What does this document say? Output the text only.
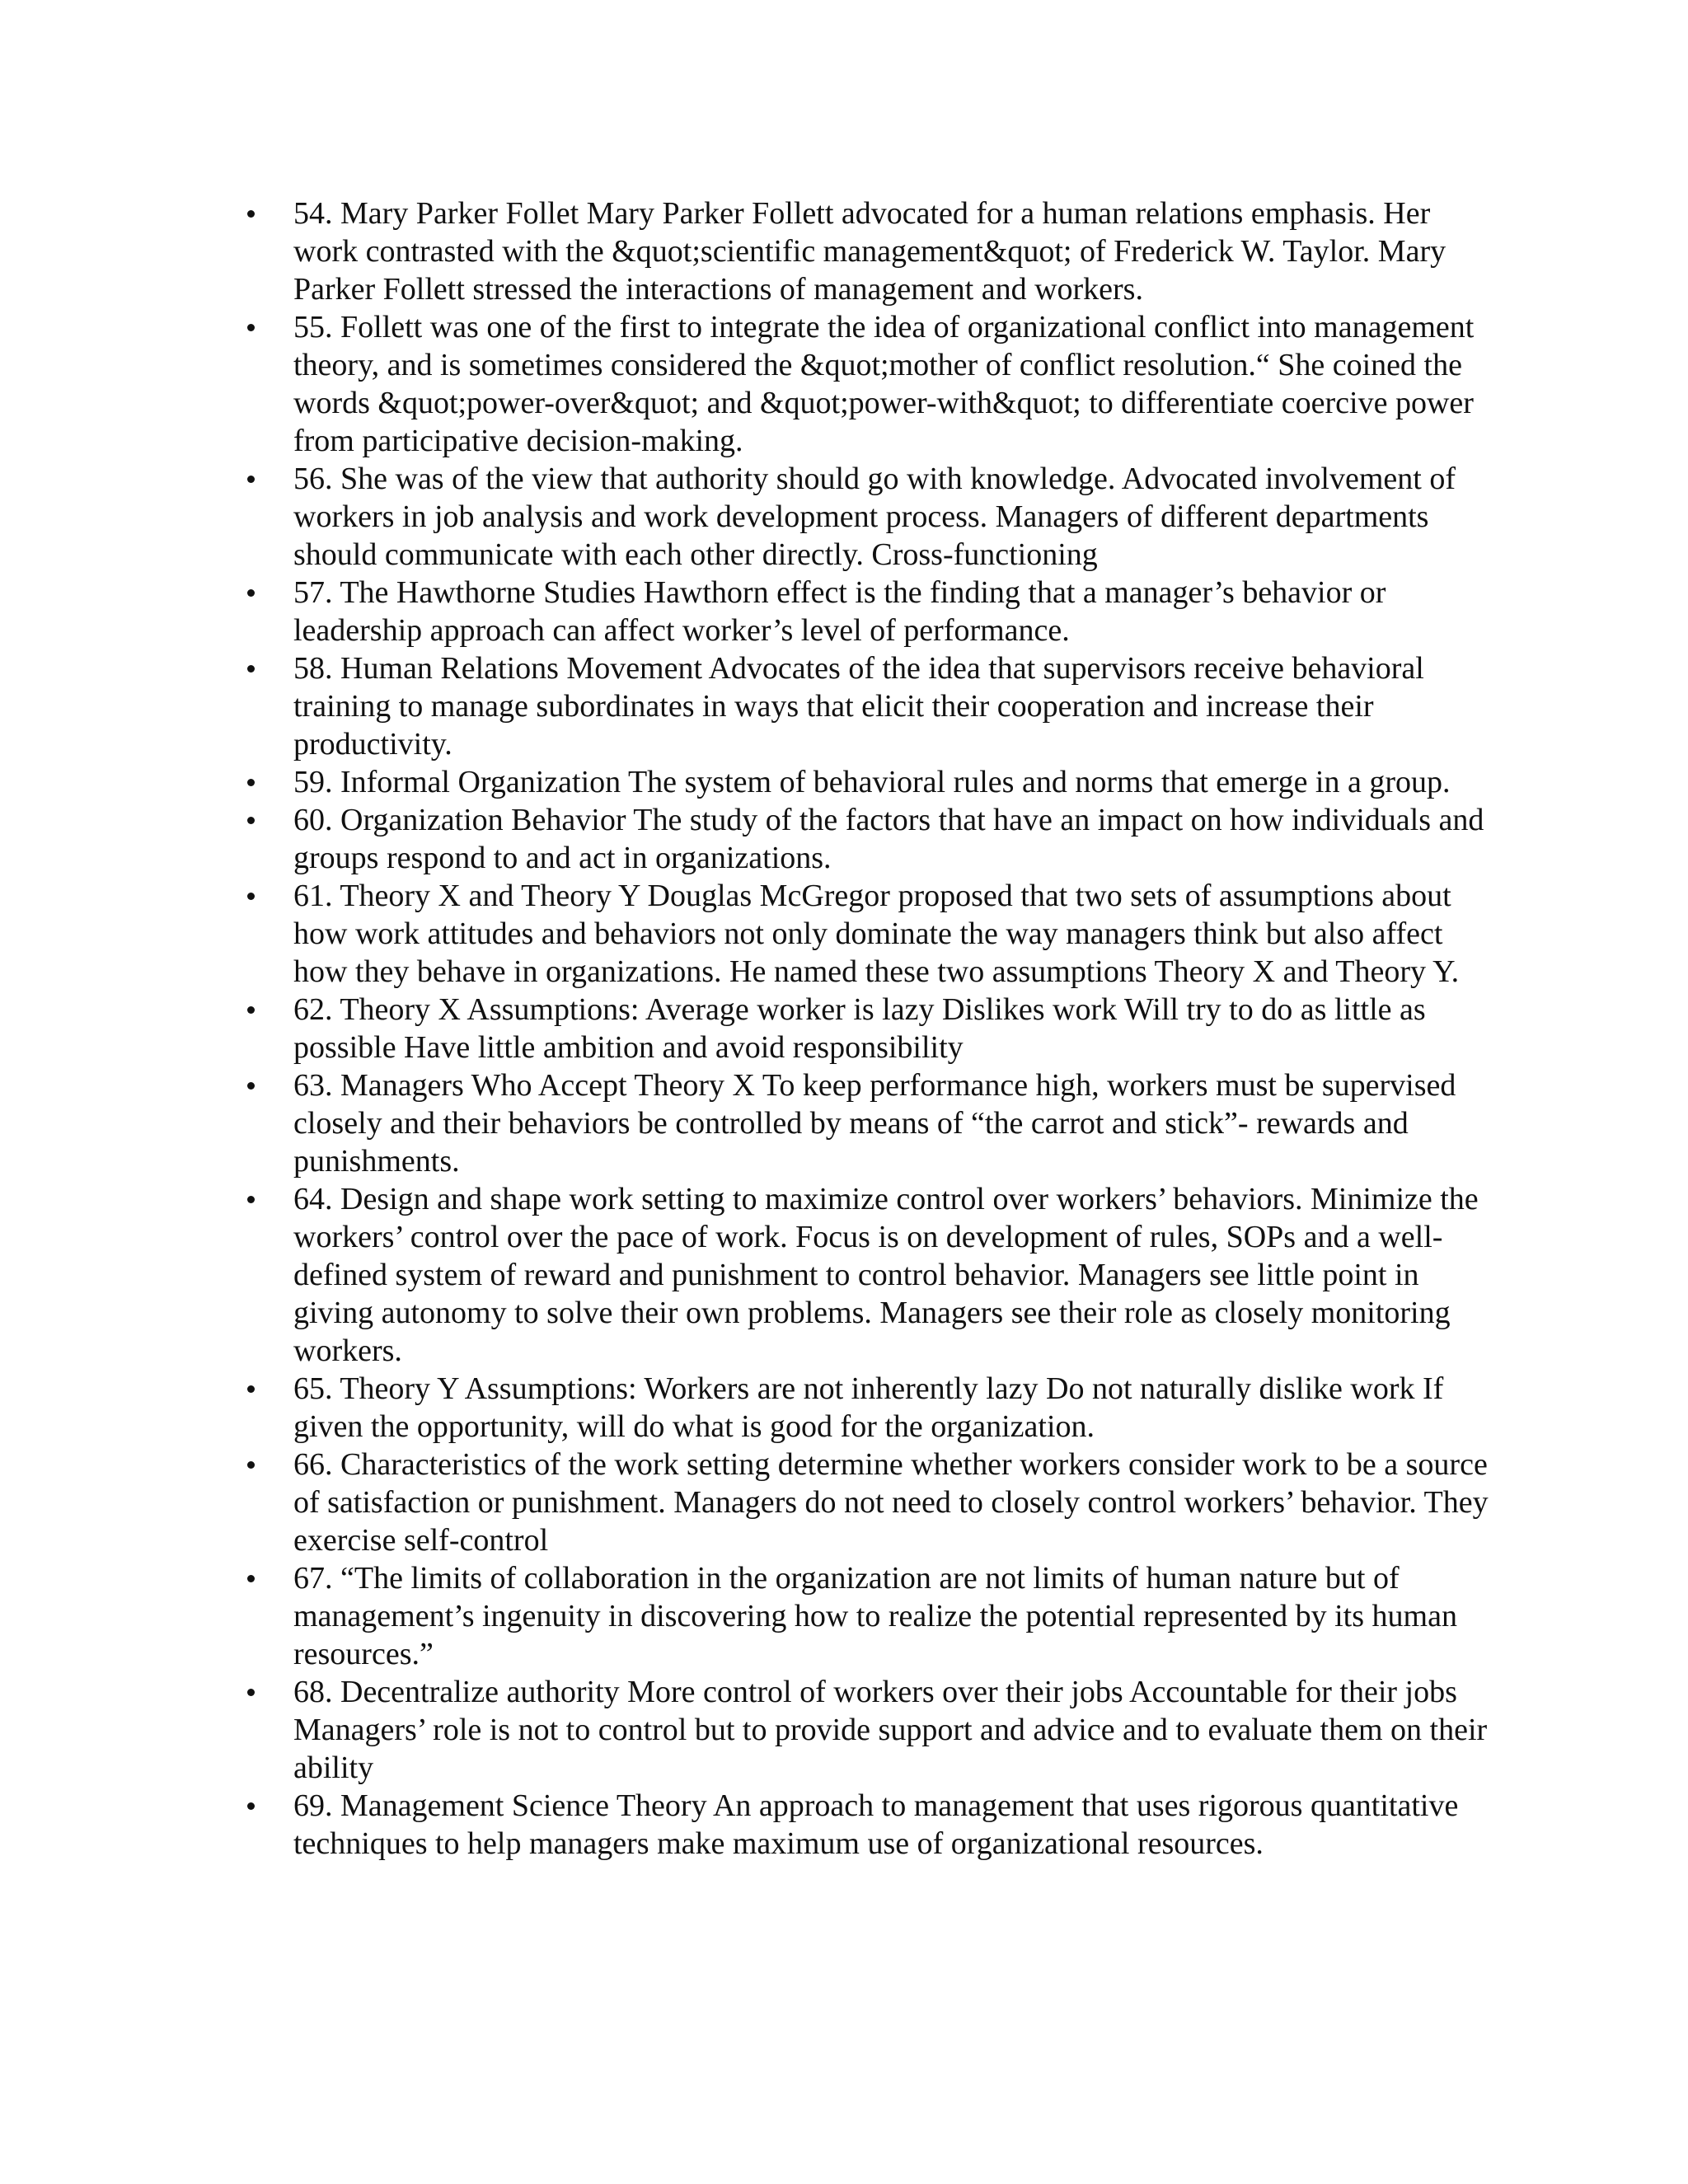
54. Mary Parker Follet Mary Parker Follett advocated for a human relations emphasis. Her work contrasted with the &quot;scientific management&quot; of Frederick W. Taylor. Mary Parker Follett stressed the interactions of management and workers.
55. Follett was one of the first to integrate the idea of organizational conflict into management theory, and is sometimes considered the &quot;mother of conflict resolution.“ She coined the words &quot;power-over&quot; and &quot;power-with&quot; to differentiate coercive power from participative decision-making.
56. She was of the view that authority should go with knowledge. Advocated involvement of workers in job analysis and work development process. Managers of different departments should communicate with each other directly. Cross-functioning
57. The Hawthorne Studies Hawthorn effect is the finding that a manager’s behavior or leadership approach can affect worker’s level of performance.
58. Human Relations Movement Advocates of the idea that supervisors receive behavioral training to manage subordinates in ways that elicit their cooperation and increase their productivity.
59. Informal Organization The system of behavioral rules and norms that emerge in a group.
60. Organization Behavior The study of the factors that have an impact on how individuals and groups respond to and act in organizations.
61. Theory X and Theory Y Douglas McGregor proposed that two sets of assumptions about how work attitudes and behaviors not only dominate the way managers think but also affect how they behave in organizations. He named these two assumptions Theory X and Theory Y.
62. Theory X Assumptions: Average worker is lazy Dislikes work Will try to do as little as possible Have little ambition and avoid responsibility
63. Managers Who Accept Theory X To keep performance high, workers must be supervised closely and their behaviors be controlled by means of “the carrot and stick”- rewards and punishments.
64. Design and shape work setting to maximize control over workers’ behaviors. Minimize the workers’ control over the pace of work. Focus is on development of rules, SOPs and a well-defined system of reward and punishment to control behavior. Managers see little point in giving autonomy to solve their own problems. Managers see their role as closely monitoring workers.
65. Theory Y Assumptions: Workers are not inherently lazy Do not naturally dislike work If given the opportunity, will do what is good for the organization.
66. Characteristics of the work setting determine whether workers consider work to be a source of satisfaction or punishment. Managers do not need to closely control workers’ behavior. They exercise self-control
67. “The limits of collaboration in the organization are not limits of human nature but of management’s ingenuity in discovering how to realize the potential represented by its human resources.”
68. Decentralize authority More control of workers over their jobs Accountable for their jobs Managers’ role is not to control but to provide support and advice and to evaluate them on their ability
69. Management Science Theory An approach to management that uses rigorous quantitative techniques to help managers make maximum use of organizational resources.
